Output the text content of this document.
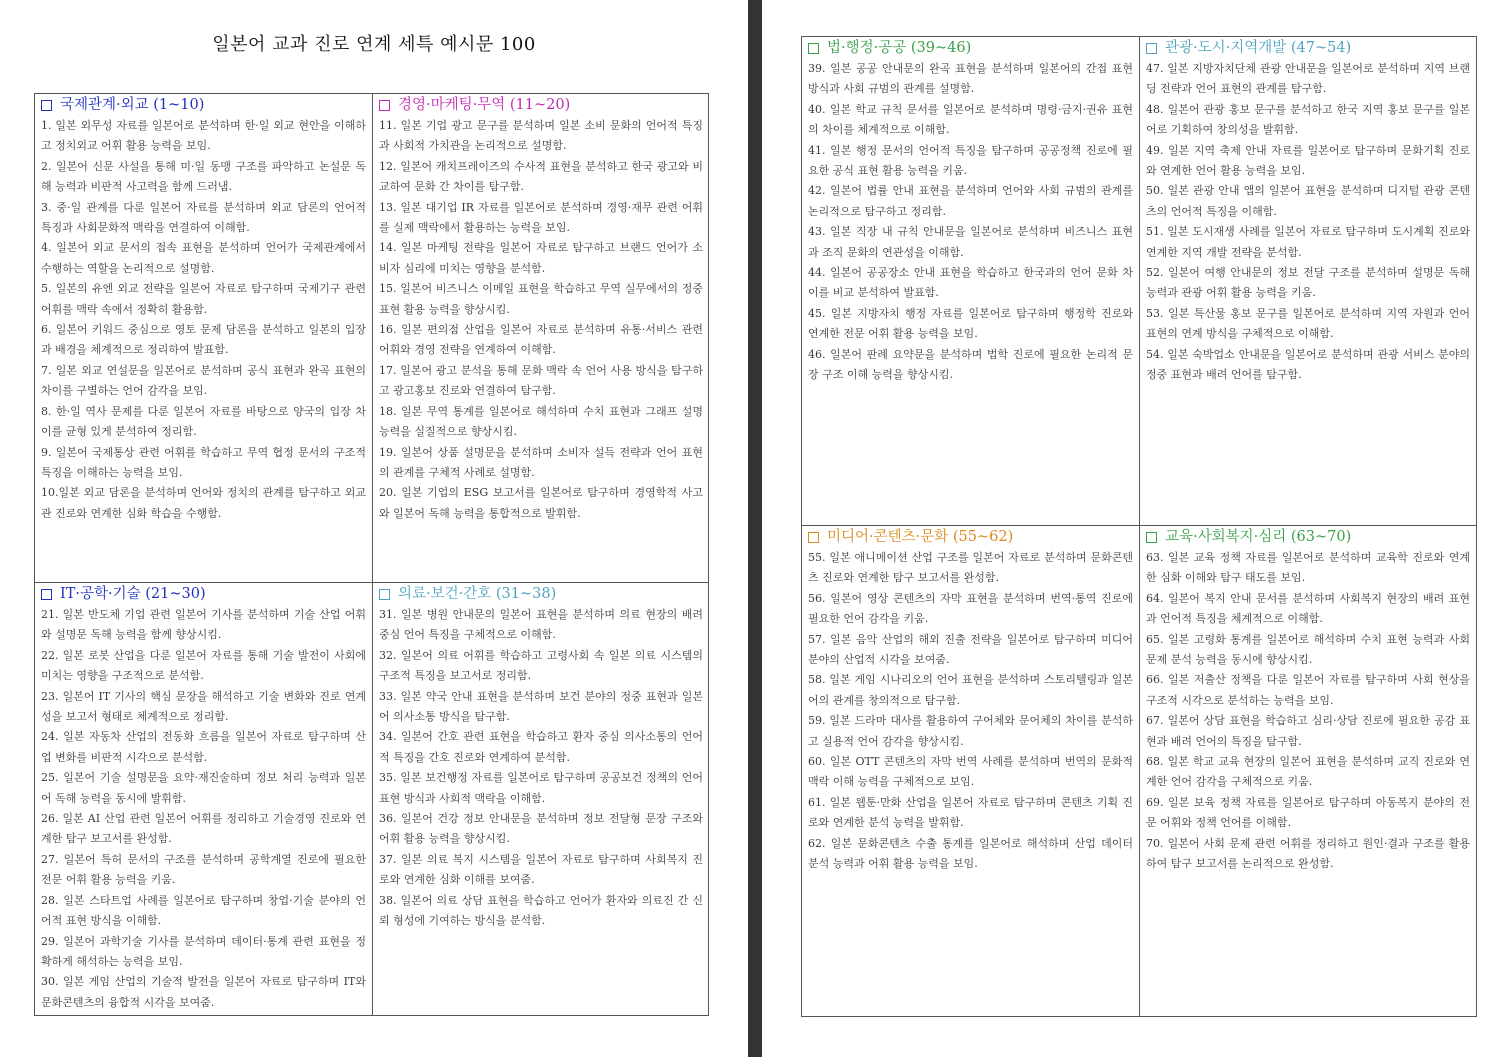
일본어 교과 진로 연계 세특 예시문 100
국제관계·외교 (1~10)

1. 일본 외무성 자료를 일본어로 분석하며 한·일 외교 현안을 이해하고 정치외교 어휘 활용 능력을 보임.

2. 일본어 신문 사설을 통해 미·일 동맹 구조를 파악하고 논설문 독해 능력과 비판적 사고력을 함께 드러냄.

3. 중·일 관계를 다룬 일본어 자료를 분석하며 외교 담론의 언어적 특징과 사회문화적 맥락을 연결하여 이해함.

4. 일본어 외교 문서의 접속 표현을 분석하며 언어가 국제관계에서 수행하는 역할을 논리적으로 설명함.

5. 일본의 유엔 외교 전략을 일본어 자료로 탐구하며 국제기구 관련 어휘를 맥락 속에서 정확히 활용함.

6. 일본어 키워드 중심으로 영토 문제 담론을 분석하고 일본의 입장과 배경을 체계적으로 정리하여 발표함.

7. 일본 외교 연설문을 일본어로 분석하며 공식 표현과 완곡 표현의 차이를 구별하는 언어 감각을 보임.

8. 한·일 역사 문제를 다룬 일본어 자료를 바탕으로 양국의 입장 차이를 균형 있게 분석하여 정리함.

9. 일본어 국제통상 관련 어휘를 학습하고 무역 협정 문서의 구조적 특징을 이해하는 능력을 보임.

10.일본 외교 담론을 분석하며 언어와 정치의 관계를 탐구하고 외교관 진로와 연계한 심화 학습을 수행함.

경영·마케팅·무역 (11~20)

11. 일본 기업 광고 문구를 분석하며 일본 소비 문화의 언어적 특징과 사회적 가치관을 논리적으로 설명함.

12. 일본어 캐치프레이즈의 수사적 표현을 분석하고 한국 광고와 비교하여 문화 간 차이를 탐구함.

13. 일본 대기업 IR 자료를 일본어로 분석하며 경영·재무 관련 어휘를 실제 맥락에서 활용하는 능력을 보임.

14. 일본 마케팅 전략을 일본어 자료로 탐구하고 브랜드 언어가 소비자 심리에 미치는 영향을 분석함.

15. 일본어 비즈니스 이메일 표현을 학습하고 무역 실무에서의 정중 표현 활용 능력을 향상시킴.

16. 일본 편의점 산업을 일본어 자료로 분석하며 유통·서비스 관련 어휘와 경영 전략을 연계하여 이해함.

17. 일본어 광고 분석을 통해 문화 맥락 속 언어 사용 방식을 탐구하고 광고홍보 진로와 연결하여 탐구함.

18. 일본 무역 통계를 일본어로 해석하며 수치 표현과 그래프 설명 능력을 실질적으로 향상시킴.

19. 일본어 상품 설명문을 분석하며 소비자 설득 전략과 언어 표현의 관계를 구체적 사례로 설명함.

20. 일본 기업의 ESG 보고서를 일본어로 탐구하며 경영학적 사고와 일본어 독해 능력을 통합적으로 발휘함.

IT·공학·기술 (21~30)

21. 일본 반도체 기업 관련 일본어 기사를 분석하며 기술 산업 어휘와 설명문 독해 능력을 함께 향상시킴.

22. 일본 로봇 산업을 다룬 일본어 자료를 통해 기술 발전이 사회에 미치는 영향을 구조적으로 분석함.

23. 일본어 IT 기사의 핵심 문장을 해석하고 기술 변화와 진로 연계성을 보고서 형태로 체계적으로 정리함.

24. 일본 자동차 산업의 전동화 흐름을 일본어 자료로 탐구하며 산업 변화를 비판적 시각으로 분석함.

25. 일본어 기술 설명문을 요약·재진술하며 정보 처리 능력과 일본어 독해 능력을 동시에 발휘함.

26. 일본 AI 산업 관련 일본어 어휘를 정리하고 기술경영 진로와 연계한 탐구 보고서를 완성함.

27. 일본어 특허 문서의 구조를 분석하며 공학계열 진로에 필요한 전문 어휘 활용 능력을 키움.

28. 일본 스타트업 사례를 일본어로 탐구하며 창업·기술 분야의 언어적 표현 방식을 이해함.

29. 일본어 과학기술 기사를 분석하며 데이터·통계 관련 표현을 정확하게 해석하는 능력을 보임.

30. 일본 게임 산업의 기술적 발전을 일본어 자료로 탐구하며 IT와 문화콘텐츠의 융합적 시각을 보여줌.

의료·보건·간호 (31~38)

31. 일본 병원 안내문의 일본어 표현을 분석하며 의료 현장의 배려 중심 언어 특징을 구체적으로 이해함.

32. 일본어 의료 어휘를 학습하고 고령사회 속 일본 의료 시스템의 구조적 특징을 보고서로 정리함.

33. 일본 약국 안내 표현을 분석하며 보건 분야의 정중 표현과 일본어 의사소통 방식을 탐구함.

34. 일본어 간호 관련 표현을 학습하고 환자 중심 의사소통의 언어적 특징을 간호 진로와 연계하여 분석함.

35. 일본 보건행정 자료를 일본어로 탐구하며 공공보건 정책의 언어 표현 방식과 사회적 맥락을 이해함.

36. 일본어 건강 정보 안내문을 분석하며 정보 전달형 문장 구조와 어휘 활용 능력을 향상시킴.

37. 일본 의료 복지 시스템을 일본어 자료로 탐구하며 사회복지 진로와 연계한 심화 이해를 보여줌.

38. 일본어 의료 상담 표현을 학습하고 언어가 환자와 의료진 간 신뢰 형성에 기여하는 방식을 분석함.

법·행정·공공 (39~46)

39. 일본 공공 안내문의 완곡 표현을 분석하며 일본어의 간접 표현 방식과 사회 규범의 관계를 설명함.

40. 일본 학교 규칙 문서를 일본어로 분석하며 명령·금지·권유 표현의 차이를 체계적으로 이해함.

41. 일본 행정 문서의 언어적 특징을 탐구하며 공공정책 진로에 필요한 공식 표현 활용 능력을 키움.

42. 일본어 법률 안내 표현을 분석하며 언어와 사회 규범의 관계를 논리적으로 탐구하고 정리함.

43. 일본 직장 내 규칙 안내문을 일본어로 분석하며 비즈니스 표현과 조직 문화의 연관성을 이해함.

44. 일본어 공공장소 안내 표현을 학습하고 한국과의 언어 문화 차이를 비교 분석하여 발표함.

45. 일본 지방자치 행정 자료를 일본어로 탐구하며 행정학 진로와 연계한 전문 어휘 활용 능력을 보임.

46. 일본어 판례 요약문을 분석하며 법학 진로에 필요한 논리적 문장 구조 이해 능력을 향상시킴.

관광·도시·지역개발 (47~54)

47. 일본 지방자치단체 관광 안내문을 일본어로 분석하며 지역 브랜딩 전략과 언어 표현의 관계를 탐구함.

48. 일본어 관광 홍보 문구를 분석하고 한국 지역 홍보 문구를 일본어로 기획하여 창의성을 발휘함.

49. 일본 지역 축제 안내 자료를 일본어로 탐구하며 문화기획 진로와 연계한 언어 활용 능력을 보임.

50. 일본 관광 안내 앱의 일본어 표현을 분석하며 디지털 관광 콘텐츠의 언어적 특징을 이해함.

51. 일본 도시재생 사례를 일본어 자료로 탐구하며 도시계획 진로와 연계한 지역 개발 전략을 분석함.

52. 일본어 여행 안내문의 정보 전달 구조를 분석하며 설명문 독해 능력과 관광 어휘 활용 능력을 키움.

53. 일본 특산물 홍보 문구를 일본어로 분석하며 지역 자원과 언어 표현의 연계 방식을 구체적으로 이해함.

54. 일본 숙박업소 안내문을 일본어로 분석하며 관광 서비스 분야의 정중 표현과 배려 언어를 탐구함.

미디어·콘텐츠·문화 (55~62)

55. 일본 애니메이션 산업 구조를 일본어 자료로 분석하며 문화콘텐츠 진로와 연계한 탐구 보고서를 완성함.

56. 일본어 영상 콘텐츠의 자막 표현을 분석하며 번역·통역 진로에 필요한 언어 감각을 키움.

57. 일본 음악 산업의 해외 진출 전략을 일본어로 탐구하며 미디어 분야의 산업적 시각을 보여줌.

58. 일본 게임 시나리오의 언어 표현을 분석하며 스토리텔링과 일본어의 관계를 창의적으로 탐구함.

59. 일본 드라마 대사를 활용하여 구어체와 문어체의 차이를 분석하고 실용적 언어 감각을 향상시킴.

60. 일본 OTT 콘텐츠의 자막 번역 사례를 분석하며 번역의 문화적 맥락 이해 능력을 구체적으로 보임.

61. 일본 웹툰·만화 산업을 일본어 자료로 탐구하며 콘텐츠 기획 진로와 연계한 분석 능력을 발휘함.

62. 일본 문화콘텐츠 수출 통계를 일본어로 해석하며 산업 데이터 분석 능력과 어휘 활용 능력을 보임.

교육·사회복지·심리 (63~70)

63. 일본 교육 정책 자료를 일본어로 분석하며 교육학 진로와 연계한 심화 이해와 탐구 태도를 보임.

64. 일본어 복지 안내 문서를 분석하며 사회복지 현장의 배려 표현과 언어적 특징을 체계적으로 이해함.

65. 일본 고령화 통계를 일본어로 해석하며 수치 표현 능력과 사회 문제 분석 능력을 동시에 향상시킴.

66. 일본 저출산 정책을 다룬 일본어 자료를 탐구하며 사회 현상을 구조적 시각으로 분석하는 능력을 보임.

67. 일본어 상담 표현을 학습하고 심리·상담 진로에 필요한 공감 표현과 배려 언어의 특징을 탐구함.

68. 일본 학교 교육 현장의 일본어 표현을 분석하며 교직 진로와 연계한 언어 감각을 구체적으로 키움.

69. 일본 보육 정책 자료를 일본어로 탐구하며 아동복지 분야의 전문 어휘와 정책 언어를 이해함.

70. 일본어 사회 문제 관련 어휘를 정리하고 원인·결과 구조를 활용하여 탐구 보고서를 논리적으로 완성함.
